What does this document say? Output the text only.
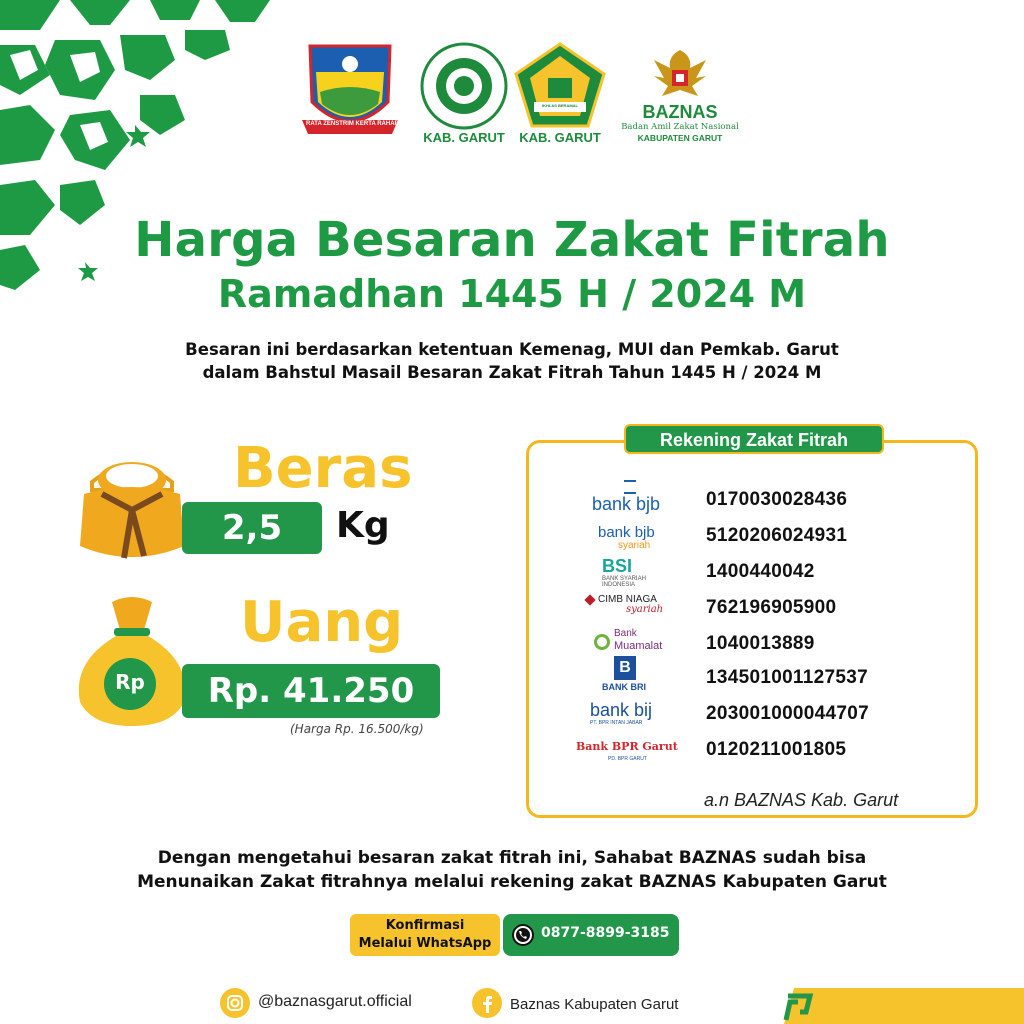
RATA ZENSTRIM KERTA RAHARJA
KAB. GARUT
IKHLAS BERAMAL
KAB. GARUT
BAZNAS
Badan Amil Zakat Nasional
KABUPATEN GARUT
Harga Besaran Zakat Fitrah
Ramadhan 1445 H / 2024 M
Besaran ini berdasarkan ketentuan Kemenag, MUI dan Pemkab. Garut
dalam Bahstul Masail Besaran Zakat Fitrah Tahun 1445 H / 2024 M
Beras
2,5	Kg
Rp
Uang
Rp. 41.250
(Harga Rp. 16.500/kg)
Rekening Zakat Fitrah
bank bjb 0170030028436
bank bjb
syariah	5120206024931
BSI
BANK SYARIAH
INDONESIA
1400440042
CIMB NIAGA
syariah 762196905900
Bank
Muamalat 1040013889
B
BANK BRI	134501001127537
bank bij
PT. BPR INTAN JABAR	203001000044707
Bank BPR Garut
PD. BPR GARUT	0120211001805
a.n BAZNAS Kab. Garut
Dengan mengetahui besaran zakat fitrah ini, Sahabat BAZNAS sudah bisa
Menunaikan Zakat fitrahnya melalui rekening zakat BAZNAS Kabupaten Garut
Konfirmasi
Melalui WhatsApp
0877-8899-3185
@baznasgarut.official	Baznas Kabupaten Garut
